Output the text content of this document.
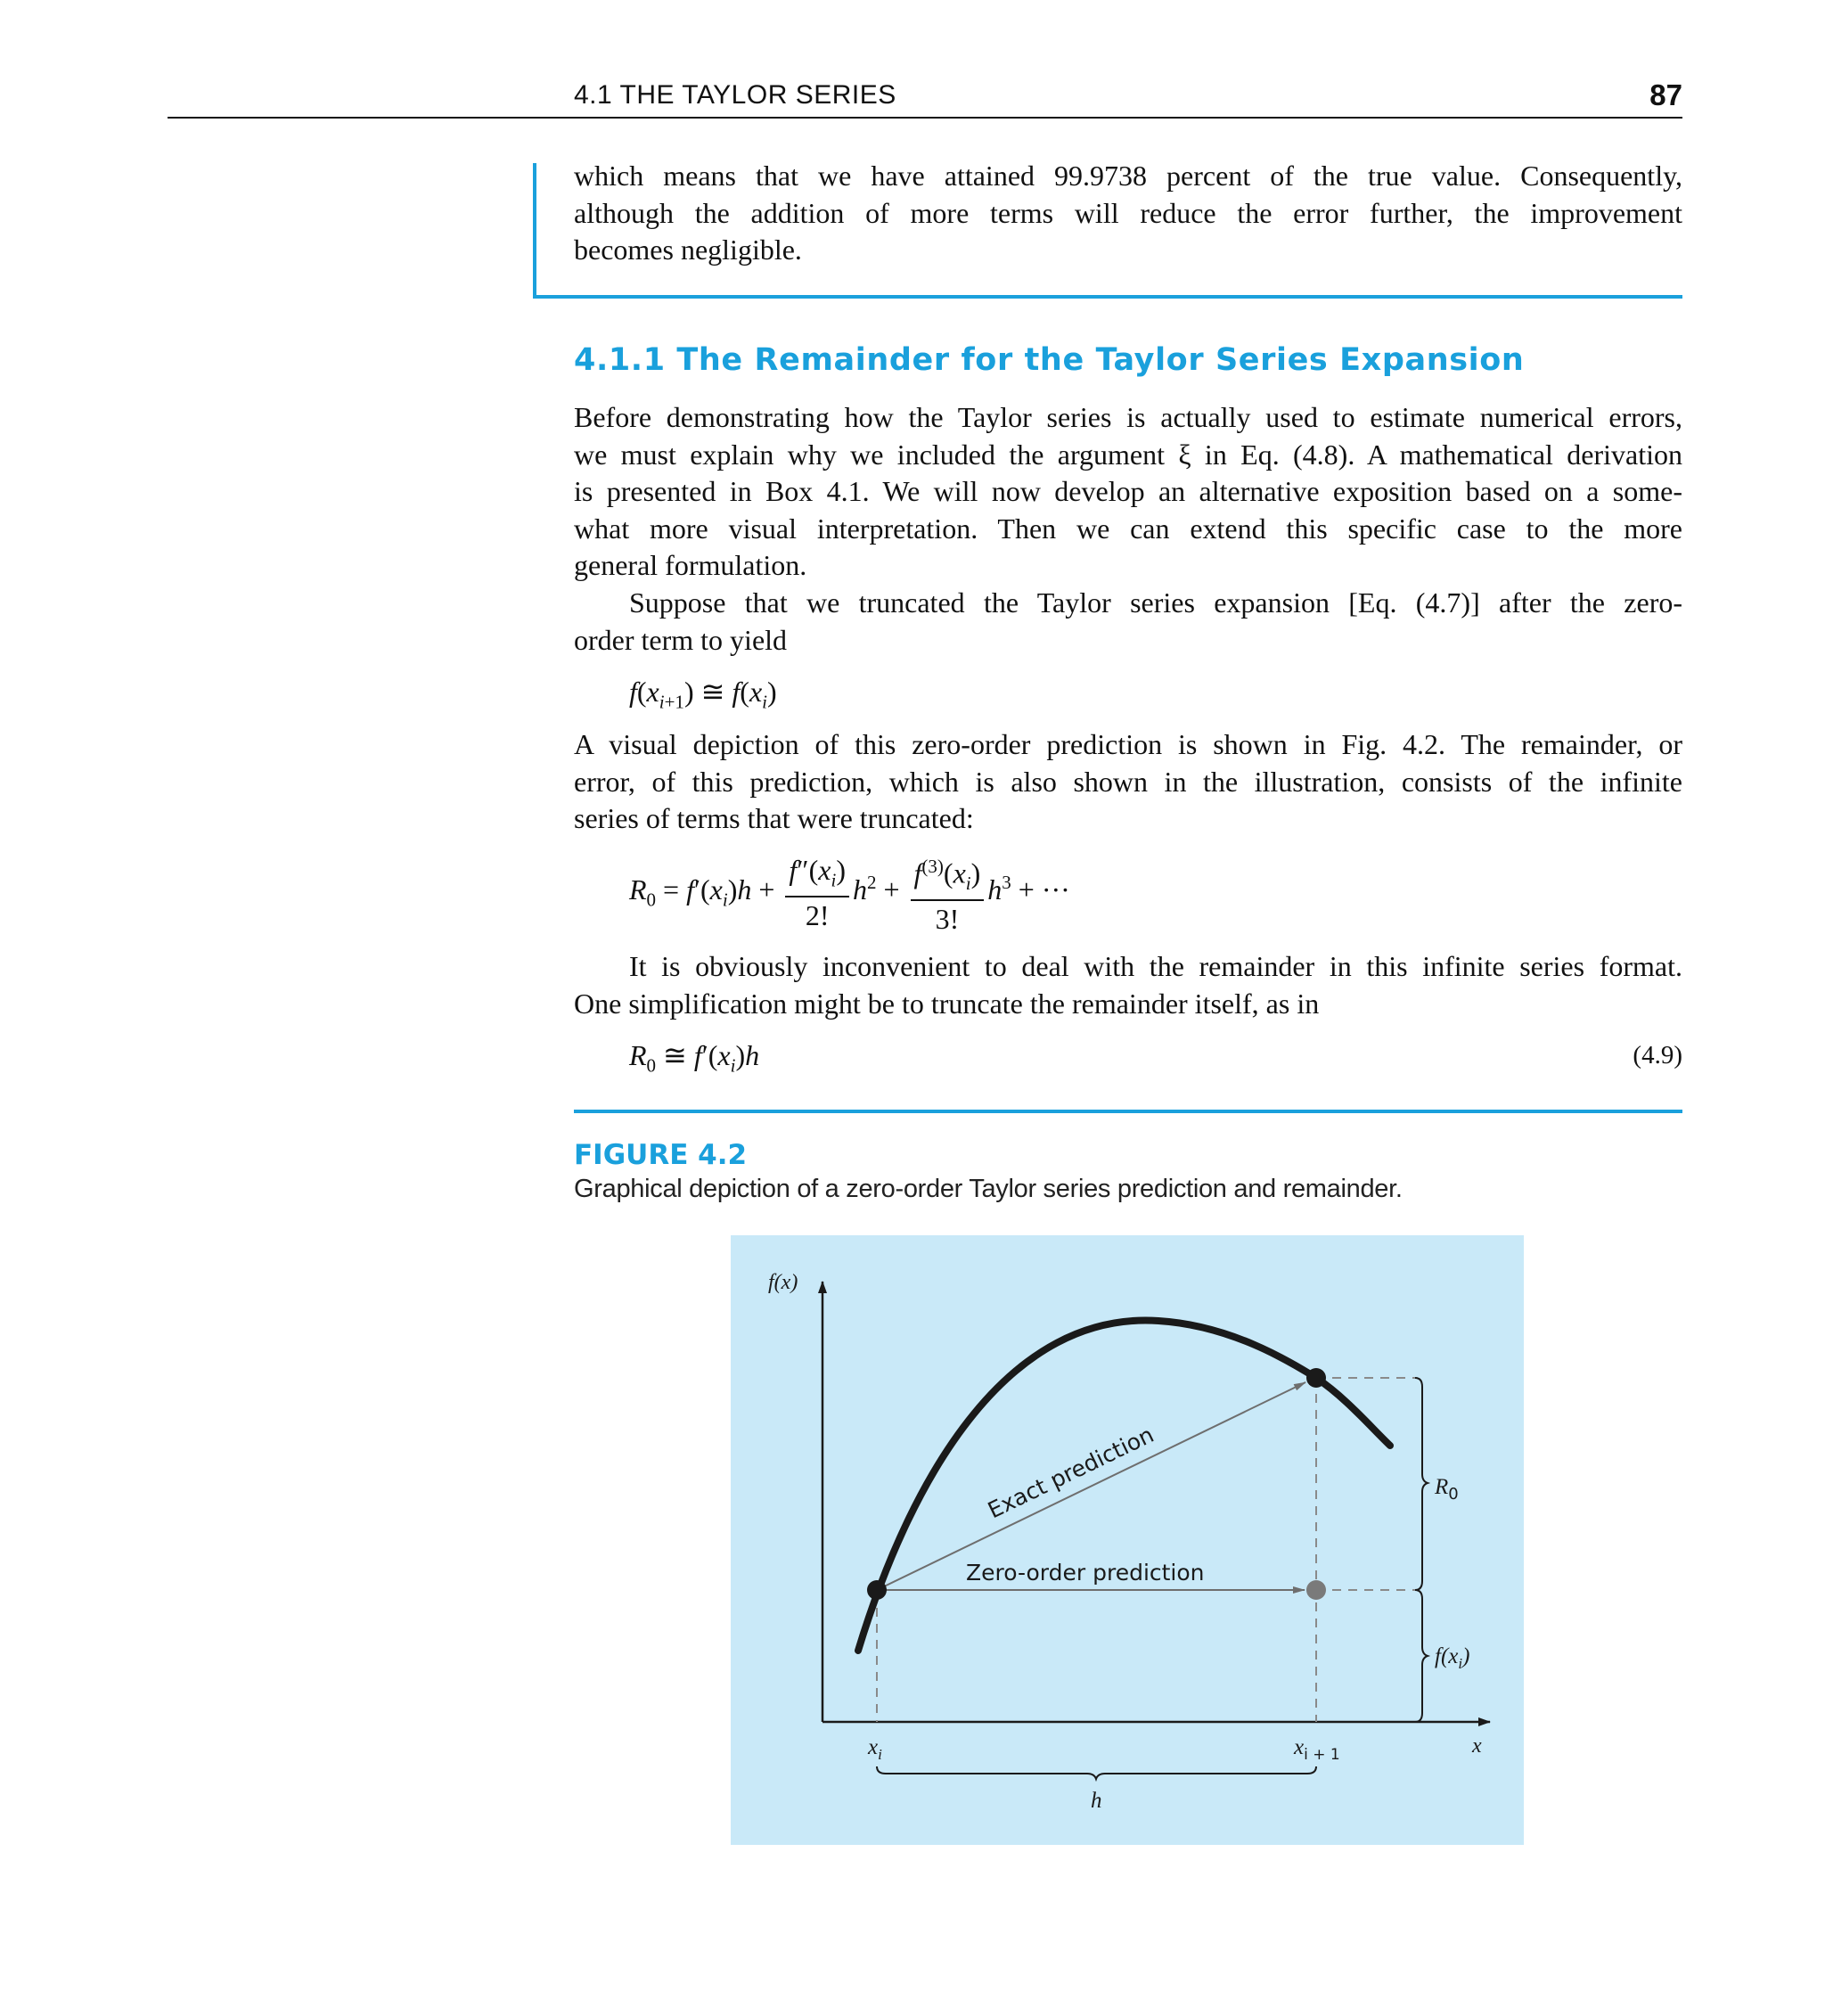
4.1 THE TAYLOR SERIES	87
which means that we have attained 99.9738 percent of the true value. Consequently,
although the addition of more terms will reduce the error further, the improvement
becomes negligible.
4.1.1 The Remainder for the Taylor Series Expansion
Before demonstrating how the Taylor series is actually used to estimate numerical errors,
we must explain why we included the argument ξ in Eq. (4.8). A mathematical derivation
is presented in Box 4.1. We will now develop an alternative exposition based on a some-
what more visual interpretation. Then we can extend this specific case to the more
general formulation.
Suppose that we truncated the Taylor series expansion [Eq. (4.7)] after the zero-
order term to yield
$f(x_{i+1})$ ≅ $f(x_i)$
A visual depiction of this zero-order prediction is shown in Fig. 4.2. The remainder, or
error, of this prediction, which is also shown in the illustration, consists of the infinite
series of terms that were truncated:
$R_0 = f'(x_i)h + \frac{f''(x_i)}{2!} h^2 + \frac{f^{(3)}(x_i)}{3!} h^3$ + ···
It is obviously inconvenient to deal with the remainder in this infinite series format.
One simplification might be to truncate the remainder itself, as in
$R_0$ ≅ $f'(x_i)h$	(4.9)
FIGURE 4.2
Graphical depiction of a zero-order Taylor series prediction and remainder.
f(x)
x
Exact prediction
Zero-order prediction
$R_0$
$f(x_i)$
$x_i$	$x_{i + 1}$
h
